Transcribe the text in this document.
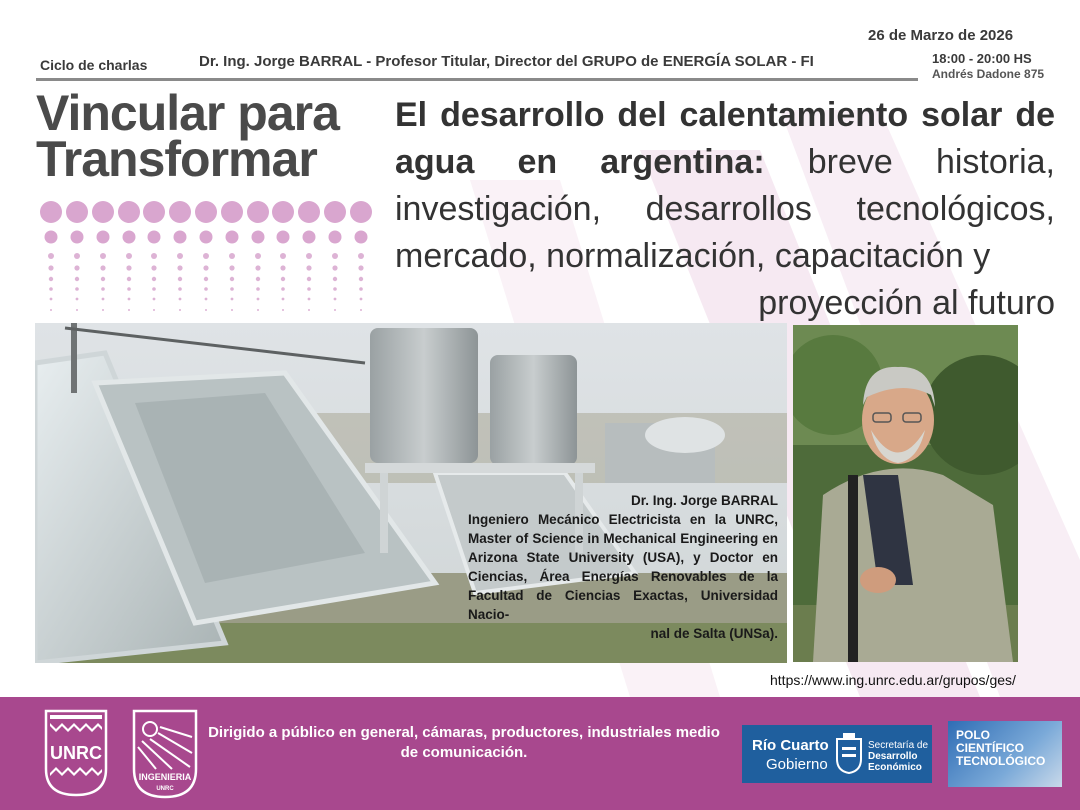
26 de Marzo de 2026
Ciclo de charlas	Dr. Ing. Jorge BARRAL - Profesor Titular, Director del GRUPO de ENERGÍA SOLAR - FI	18:00 - 20:00 HS
Andrés Dadone 875
Vincular para
Transformar
El desarrollo del calentamiento solar de agua en argentina: breve historia, investigación, desarrollos tecnológicos, mercado, normalización, capacitación y
proyección al futuro
Dr. Ing. Jorge BARRAL
Ingeniero Mecánico Electricista en la UNRC, Master of Science in Mechanical Engineering en Arizona State University (USA), y Doctor en Ciencias, Área Energías Renovables de la Facultad de Ciencias Exactas, Universidad Nacio-
nal de Salta (UNSa).
https://www.ing.unrc.edu.ar/grupos/ges/
UNRC
INGENIERIA
UNRC
Dirigido a público en general, cámaras, productores, industriales medio de comunicación.	Río Cuarto
Gobierno
Secretaría de
Desarrollo
Económico
POLO
CIENTÍFICO
TECNOLÓGICO
